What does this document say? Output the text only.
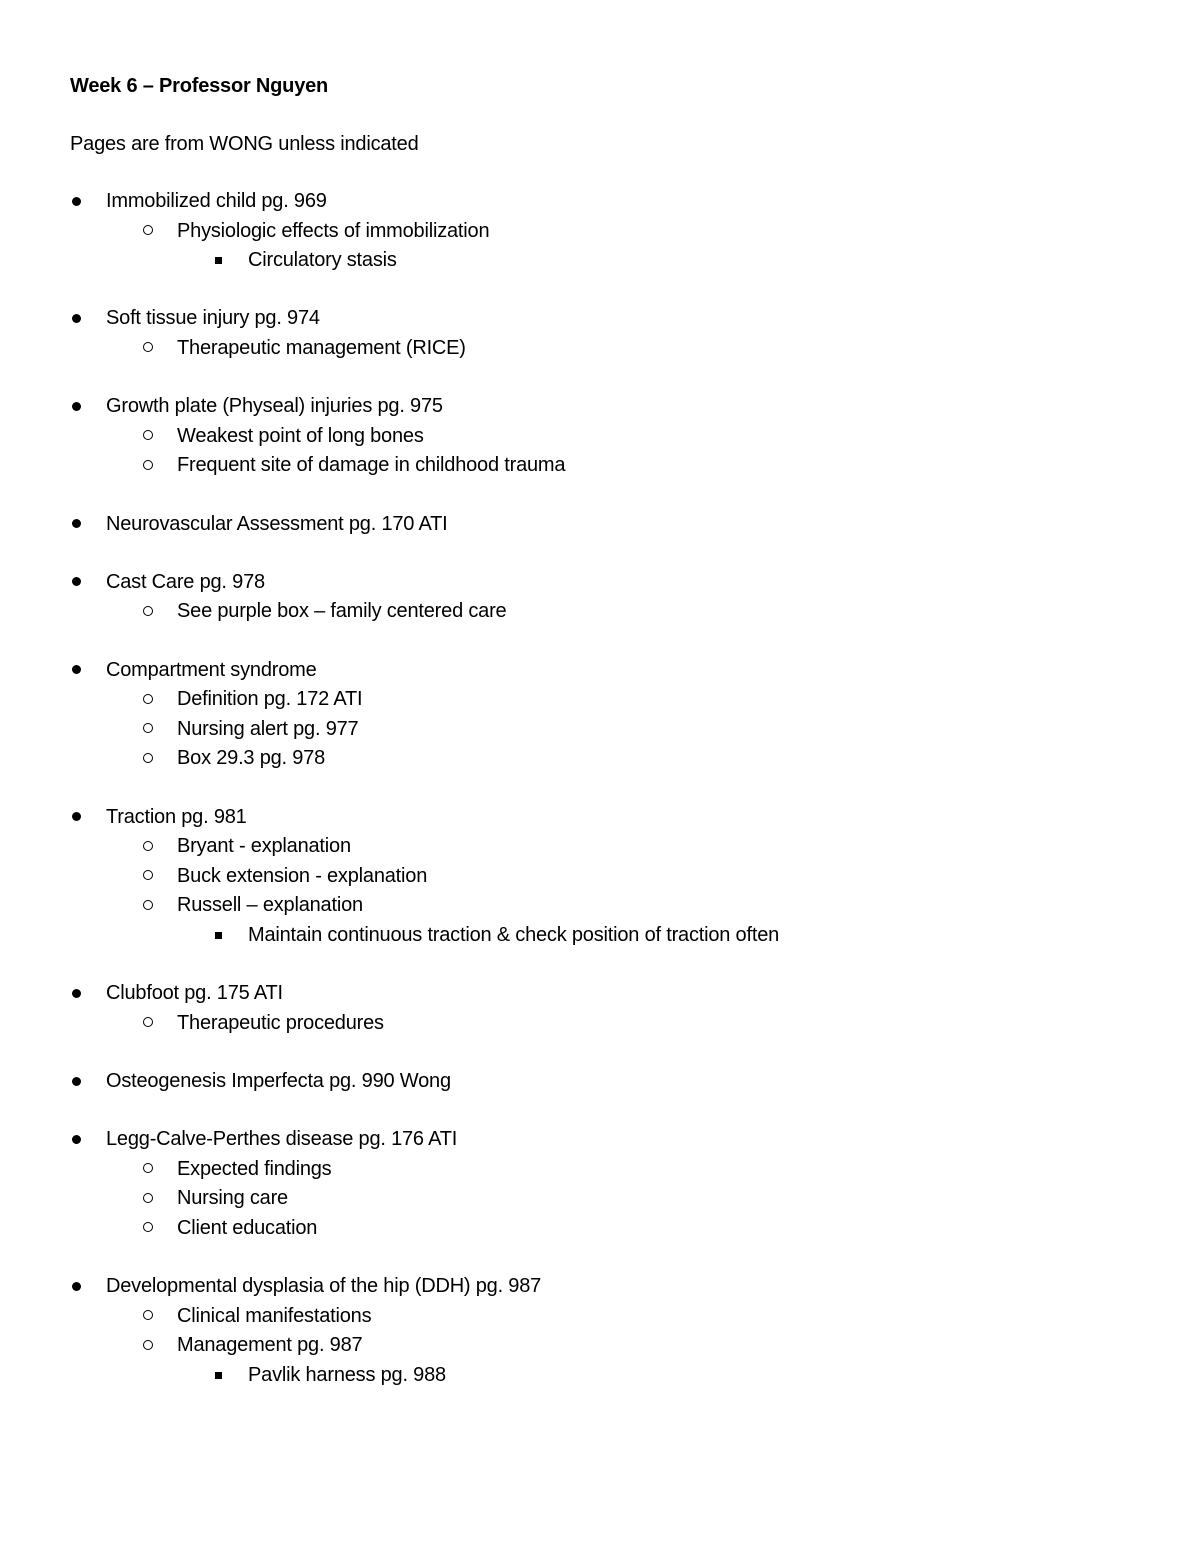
Week 6 – Professor Nguyen
Pages are from WONG unless indicated
Immobilized child pg. 969
Physiologic effects of immobilization
Circulatory stasis
Soft tissue injury pg. 974
Therapeutic management (RICE)
Growth plate (Physeal) injuries pg. 975
Weakest point of long bones
Frequent site of damage in childhood trauma
Neurovascular Assessment pg. 170 ATI
Cast Care pg. 978
See purple box – family centered care
Compartment syndrome
Definition pg. 172 ATI
Nursing alert pg. 977
Box 29.3 pg. 978
Traction pg. 981
Bryant - explanation
Buck extension - explanation
Russell – explanation
Maintain continuous traction & check position of traction often
Clubfoot pg. 175 ATI
Therapeutic procedures
Osteogenesis Imperfecta pg. 990 Wong
Legg-Calve-Perthes disease pg. 176 ATI
Expected findings
Nursing care
Client education
Developmental dysplasia of the hip (DDH) pg. 987
Clinical manifestations
Management pg. 987
Pavlik harness pg. 988
